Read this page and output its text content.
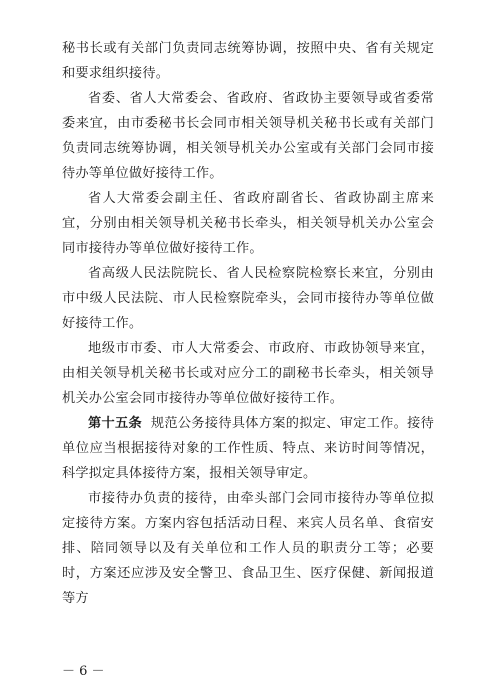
秘书长或有关部门负责同志统筹协调，按照中央、省有关规定和要求组织接待。

省委、省人大常委会、省政府、省政协主要领导或省委常委来宜，由市委秘书长会同市相关领导机关秘书长或有关部门负责同志统筹协调，相关领导机关办公室或有关部门会同市接待办等单位做好接待工作。

省人大常委会副主任、省政府副省长、省政协副主席来宜，分别由相关领导机关秘书长牵头，相关领导机关办公室会同市接待办等单位做好接待工作。

省高级人民法院院长、省人民检察院检察长来宜，分别由市中级人民法院、市人民检察院牵头，会同市接待办等单位做好接待工作。

地级市市委、市人大常委会、市政府、市政协领导来宜，由相关领导机关秘书长或对应分工的副秘书长牵头，相关领导机关办公室会同市接待办等单位做好接待工作。

第十五条 规范公务接待具体方案的拟定、审定工作。接待单位应当根据接待对象的工作性质、特点、来访时间等情况，科学拟定具体接待方案，报相关领导审定。

市接待办负责的接待，由牵头部门会同市接待办等单位拟定接待方案。方案内容包括活动日程、来宾人员名单、食宿安排、陪同领导以及有关单位和工作人员的职责分工等；必要时，方案还应涉及安全警卫、食品卫生、医疗保健、新闻报道等方

－ 6 －
